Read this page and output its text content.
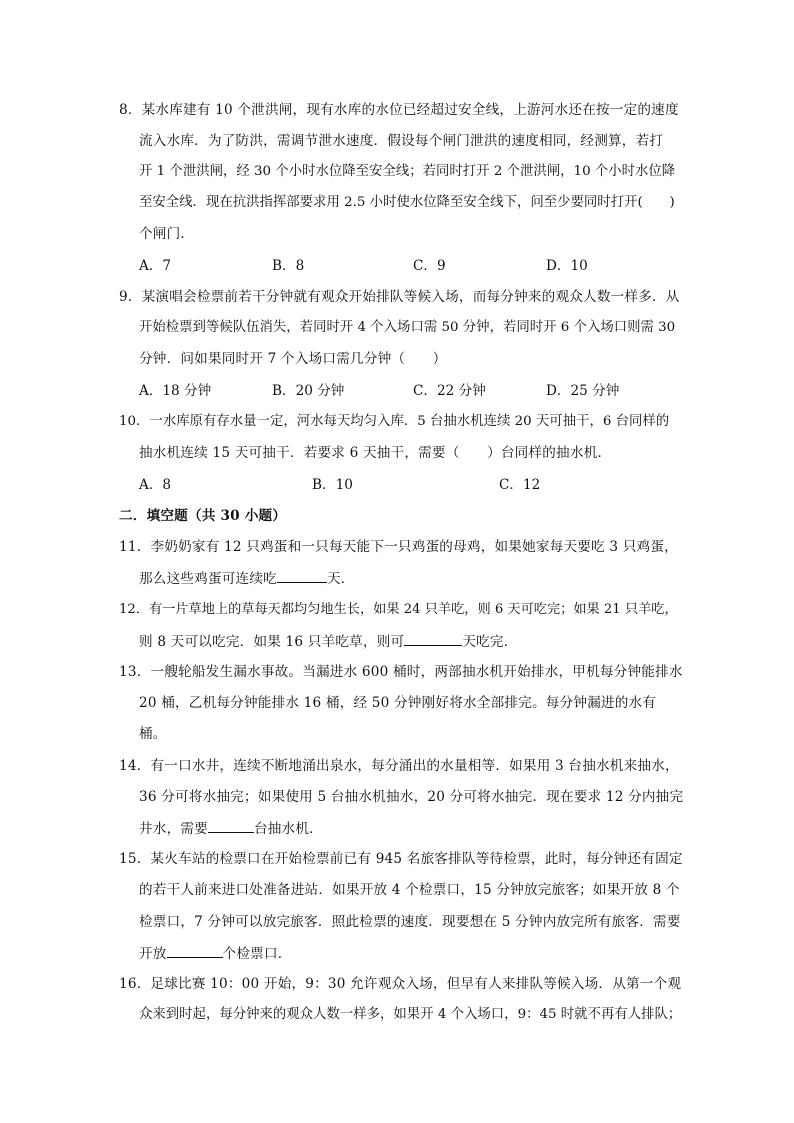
8．某水库建有 10 个泄洪闸，现有水库的水位已经超过安全线，上游河水还在按一定的速度
流入水库．为了防洪，需调节泄水速度．假设每个闸门泄洪的速度相同，经测算，若打
开 1 个泄洪闸，经 30 个小时水位降至安全线；若同时打开 2 个泄洪闸，10 个小时水位降
至安全线．现在抗洪指挥部要求用 2.5 小时使水位降至安全线下，问至少要同时打开(　　)
个闸门．
A．7	B．8	C．9	D．10
9．某演唱会检票前若干分钟就有观众开始排队等候入场，而每分钟来的观众人数一样多．从
开始检票到等候队伍消失，若同时开 4 个入场口需 50 分钟，若同时开 6 个入场口则需 30
分钟．问如果同时开 7 个入场口需几分钟（　　）
A．18 分钟	B．20 分钟	C．22 分钟	D．25 分钟
10．一水库原有存水量一定，河水每天均匀入库．5 台抽水机连续 20 天可抽干，6 台同样的
抽水机连续 15 天可抽干．若要求 6 天抽干，需要（　　）台同样的抽水机．
A．8	B．10	C．12
二．填空题（共 30 小题）
11．李奶奶家有 12 只鸡蛋和一只每天能下一只鸡蛋的母鸡，如果她家每天要吃 3 只鸡蛋，
那么这些鸡蛋可连续吃	天．
12．有一片草地上的草每天都均匀地生长，如果 24 只羊吃，则 6 天可吃完；如果 21 只羊吃，
则 8 天可以吃完．如果 16 只羊吃草，则可	天吃完．
13．一艘轮船发生漏水事故。当漏进水 600 桶时，两部抽水机开始排水，甲机每分钟能排水
20 桶，乙机每分钟能排水 16 桶，经 50 分钟刚好将水全部排完。每分钟漏进的水有
桶。
14．有一口水井，连续不断地涌出泉水，每分涌出的水量相等．如果用 3 台抽水机来抽水，
36 分可将水抽完；如果使用 5 台抽水机抽水，20 分可将水抽完．现在要求 12 分内抽完
井水，需要	台抽水机．
15．某火车站的检票口在开始检票前已有 945 名旅客排队等待检票，此时，每分钟还有固定
的若干人前来进口处准备进站．如果开放 4 个检票口，15 分钟放完旅客；如果开放 8 个
检票口，7 分钟可以放完旅客．照此检票的速度．现要想在 5 分钟内放完所有旅客．需要
开放	个检票口．
16．足球比赛 10：00 开始，9：30 允许观众入场，但早有人来排队等候入场．从第一个观
众来到时起，每分钟来的观众人数一样多，如果开 4 个入场口，9：45 时就不再有人排队；
